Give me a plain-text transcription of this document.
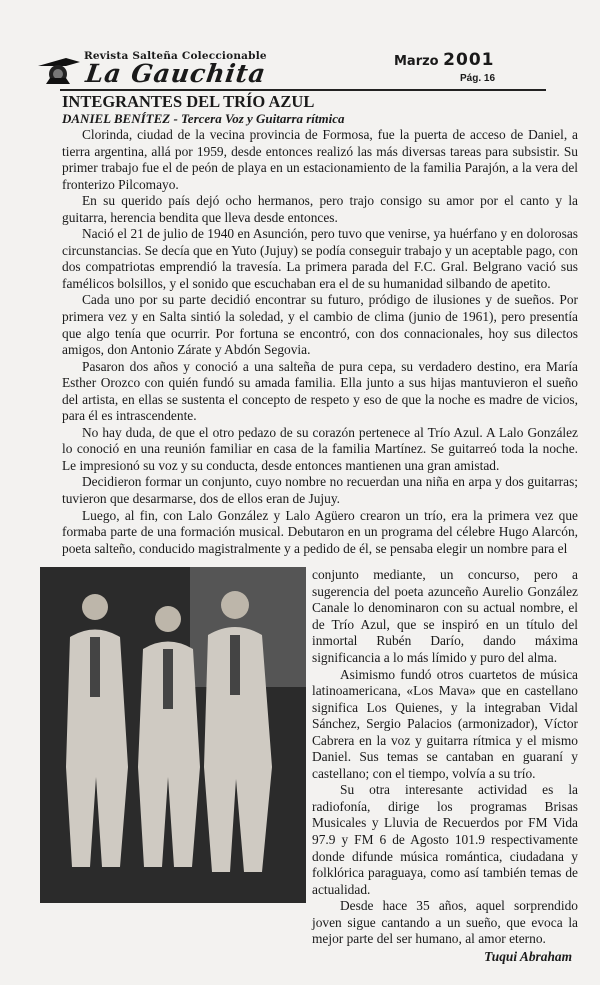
Revista Salteña Coleccionable
La Gauchita	Marzo 2001
Pág. 16
INTEGRANTES DEL TRÍO AZUL
DANIEL BENÍTEZ - Tercera Voz y Guitarra rítmica

Clorinda, ciudad de la vecina provincia de Formosa, fue la puerta de acceso de Daniel, a tierra argentina, allá por 1959, desde entonces realizó las más diversas tareas para subsistir. Su primer trabajo fue el de peón de playa en un estacionamiento de la familia Parajón, a la vera del fronterizo Pilcomayo.

En su querido país dejó ocho hermanos, pero trajo consigo su amor por el canto y la guitarra, herencia bendita que lleva desde entonces.

Nació el 21 de julio de 1940 en Asunción, pero tuvo que venirse, ya huérfano y en dolorosas circunstancias. Se decía que en Yuto (Jujuy) se podía conseguir trabajo y un aceptable pago, con dos compatriotas emprendió la travesía. La primera parada del F.C. Gral. Belgrano vació sus famélicos bolsillos, y el sonido que escuchaban era el de su humanidad silbando de apetito.

Cada uno por su parte decidió encontrar su futuro, pródigo de ilusiones y de sueños. Por primera vez y en Salta sintió la soledad, y el cambio de clima (junio de 1961), pero presentía que algo tenía que ocurrir. Por fortuna se encontró, con dos connacionales, hoy sus dilectos amigos, don Antonio Zárate y Abdón Segovia.

Pasaron dos años y conoció a una salteña de pura cepa, su verdadero destino, era María Esther Orozco con quién fundó su amada familia. Ella junto a sus hijas mantuvieron el sueño del artista, en ellas se sustenta el concepto de respeto y eso de que la noche es madre de vicios, para él es intrascendente.

No hay duda, de que el otro pedazo de su corazón pertenece al Trío Azul. A Lalo González lo conoció en una reunión familiar en casa de la familia Martínez. Se guitarreó toda la noche. Le impresionó su voz y su conducta, desde entonces mantienen una gran amistad.

Decidieron formar un conjunto, cuyo nombre no recuerdan una niña en arpa y dos guitarras; tuvieron que desarmarse, dos de ellos eran de Jujuy.

Luego, al fin, con Lalo González y Lalo Agüero crearon un trío, era la primera vez que formaba parte de una formación musical. Debutaron en un programa del célebre Hugo Alarcón, poeta salteño, conducido magistralmente y a pedido de él, se pensaba elegir un nombre para el

conjunto mediante, un concurso, pero a sugerencia del poeta azunceño Aurelio González Canale lo denominaron con su actual nombre, el de Trío Azul, que se inspiró en un título del inmortal Rubén Darío, dando máxima significancia a lo más límido y puro del alma.

Asimismo fundó otros cuartetos de música latinoamericana, «Los Mava» que en castellano significa Los Quienes, y la integraban Vidal Sánchez, Sergio Palacios (armonizador), Víctor Cabrera en la voz y guitarra rítmica y el mismo Daniel. Sus temas se cantaban en guaraní y castellano; con el tiempo, volvía a su trío.

Su otra interesante actividad es la radiofonía, dirige los programas Brisas Musicales y Lluvia de Recuerdos por FM Vida 97.9 y FM 6 de Agosto 101.9 respectivamente donde difunde música romántica, ciudadana y folklórica paraguaya, como así también temas de actualidad.

Desde hace 35 años, aquel sorprendido joven sigue cantando a un sueño, que evoca la mejor parte del ser humano, al amor eterno.

Tuqui Abraham
